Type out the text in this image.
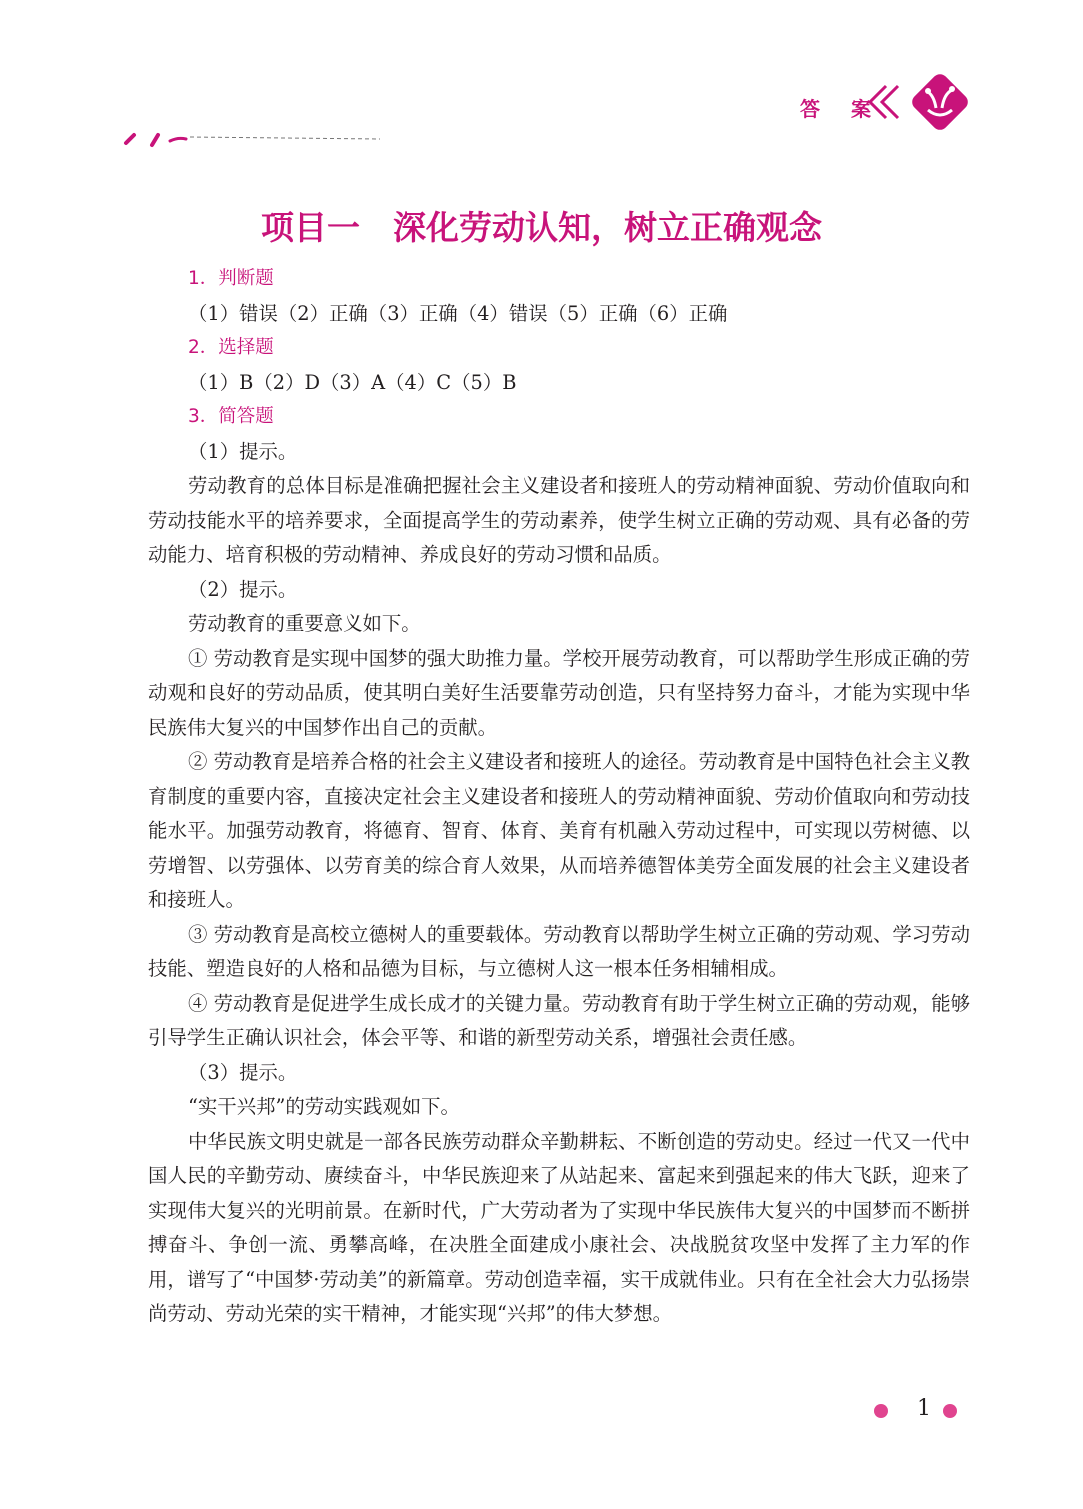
答 案
项目一　深化劳动认知，树立正确观念

1．判断题

（1）错误（2）正确（3）正确（4）错误（5）正确（6）正确

2．选择题

（1）B（2）D（3）A（4）C（5）B

3．简答题

（1）提示。

劳动教育的总体目标是准确把握社会主义建设者和接班人的劳动精神面貌、劳动价值取向和劳动技能水平的培养要求，全面提高学生的劳动素养，使学生树立正确的劳动观、具有必备的劳动能力、培育积极的劳动精神、养成良好的劳动习惯和品质。

（2）提示。

劳动教育的重要意义如下。

① 劳动教育是实现中国梦的强大助推力量。学校开展劳动教育，可以帮助学生形成正确的劳动观和良好的劳动品质，使其明白美好生活要靠劳动创造，只有坚持努力奋斗，才能为实现中华民族伟大复兴的中国梦作出自己的贡献。

② 劳动教育是培养合格的社会主义建设者和接班人的途径。劳动教育是中国特色社会主义教育制度的重要内容，直接决定社会主义建设者和接班人的劳动精神面貌、劳动价值取向和劳动技能水平。加强劳动教育，将德育、智育、体育、美育有机融入劳动过程中，可实现以劳树德、以劳增智、以劳强体、以劳育美的综合育人效果，从而培养德智体美劳全面发展的社会主义建设者和接班人。

③ 劳动教育是高校立德树人的重要载体。劳动教育以帮助学生树立正确的劳动观、学习劳动技能、塑造良好的人格和品德为目标，与立德树人这一根本任务相辅相成。

④ 劳动教育是促进学生成长成才的关键力量。劳动教育有助于学生树立正确的劳动观，能够引导学生正确认识社会，体会平等、和谐的新型劳动关系，增强社会责任感。

（3）提示。

“实干兴邦”的劳动实践观如下。

中华民族文明史就是一部各民族劳动群众辛勤耕耘、不断创造的劳动史。经过一代又一代中国人民的辛勤劳动、赓续奋斗，中华民族迎来了从站起来、富起来到强起来的伟大飞跃，迎来了实现伟大复兴的光明前景。在新时代，广大劳动者为了实现中华民族伟大复兴的中国梦而不断拼搏奋斗、争创一流、勇攀高峰，在决胜全面建成小康社会、决战脱贫攻坚中发挥了主力军的作用，谱写了“中国梦·劳动美”的新篇章。劳动创造幸福，实干成就伟业。只有在全社会大力弘扬崇尚劳动、劳动光荣的实干精神，才能实现“兴邦”的伟大梦想。

1
